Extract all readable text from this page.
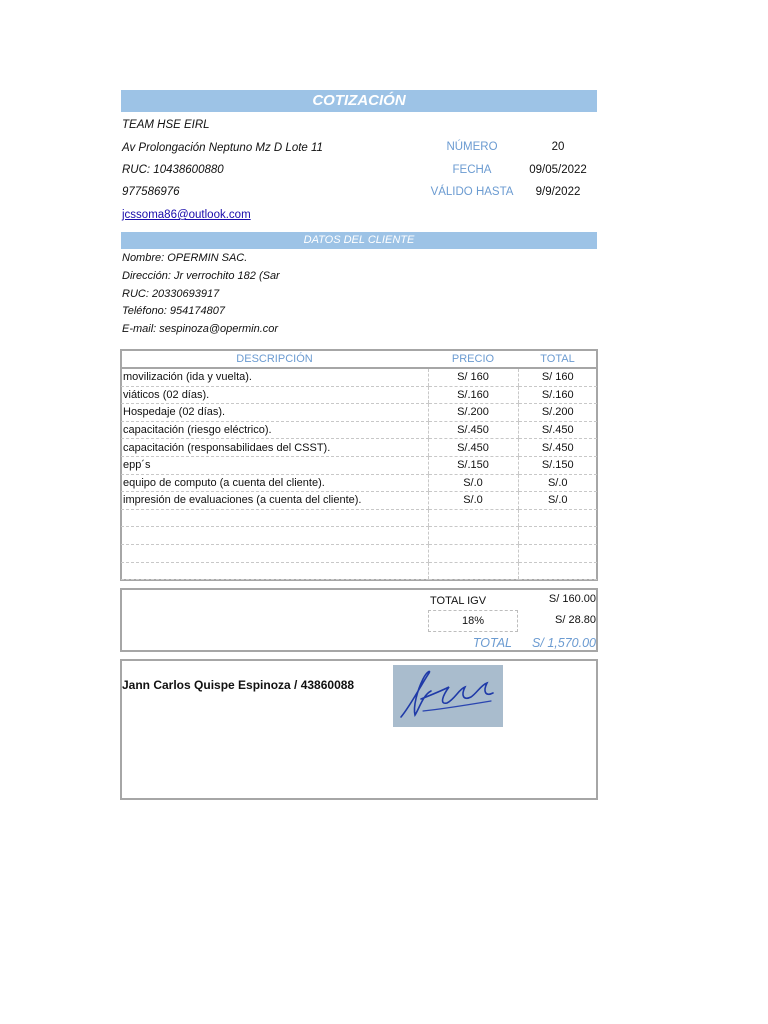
COTIZACIÓN
TEAM HSE EIRL
Av Prolongación Neptuno Mz D Lote 11
RUC: 10438600880
977586976
jcssoma86@outlook.com
NÚMERO	20
FECHA	09/05/2022
VÁLIDO HASTA	9/9/2022
DATOS DEL CLIENTE
Nombre: OPERMIN SAC.
Dirección: Jr verrochito 182 (Sar
RUC: 20330693917
Teléfono: 954174807
E-mail: sespinoza@opermin.cor
DESCRIPCIÓN	PRECIO	TOTAL
movilización (ida y vuelta).	S/ 160	S/ 160
viáticos (02 días).	S/.160	S/.160
Hospedaje (02 días).	S/.200	S/.200
capacitación (riesgo eléctrico).	S/.450	S/.450
capacitación (responsabilidaes del CSST).	S/.450	S/.450
epp´s	S/.150	S/.150
equipo de computo (a cuenta del cliente).	S/.0	S/.0
impresión de evaluaciones (a cuenta del cliente).	S/.0	S/.0

TOTAL IGV	S/ 160.00
18%	S/ 28.80
TOTAL	S/ 1,570.00
Jann Carlos Quispe Espinoza / 43860088
